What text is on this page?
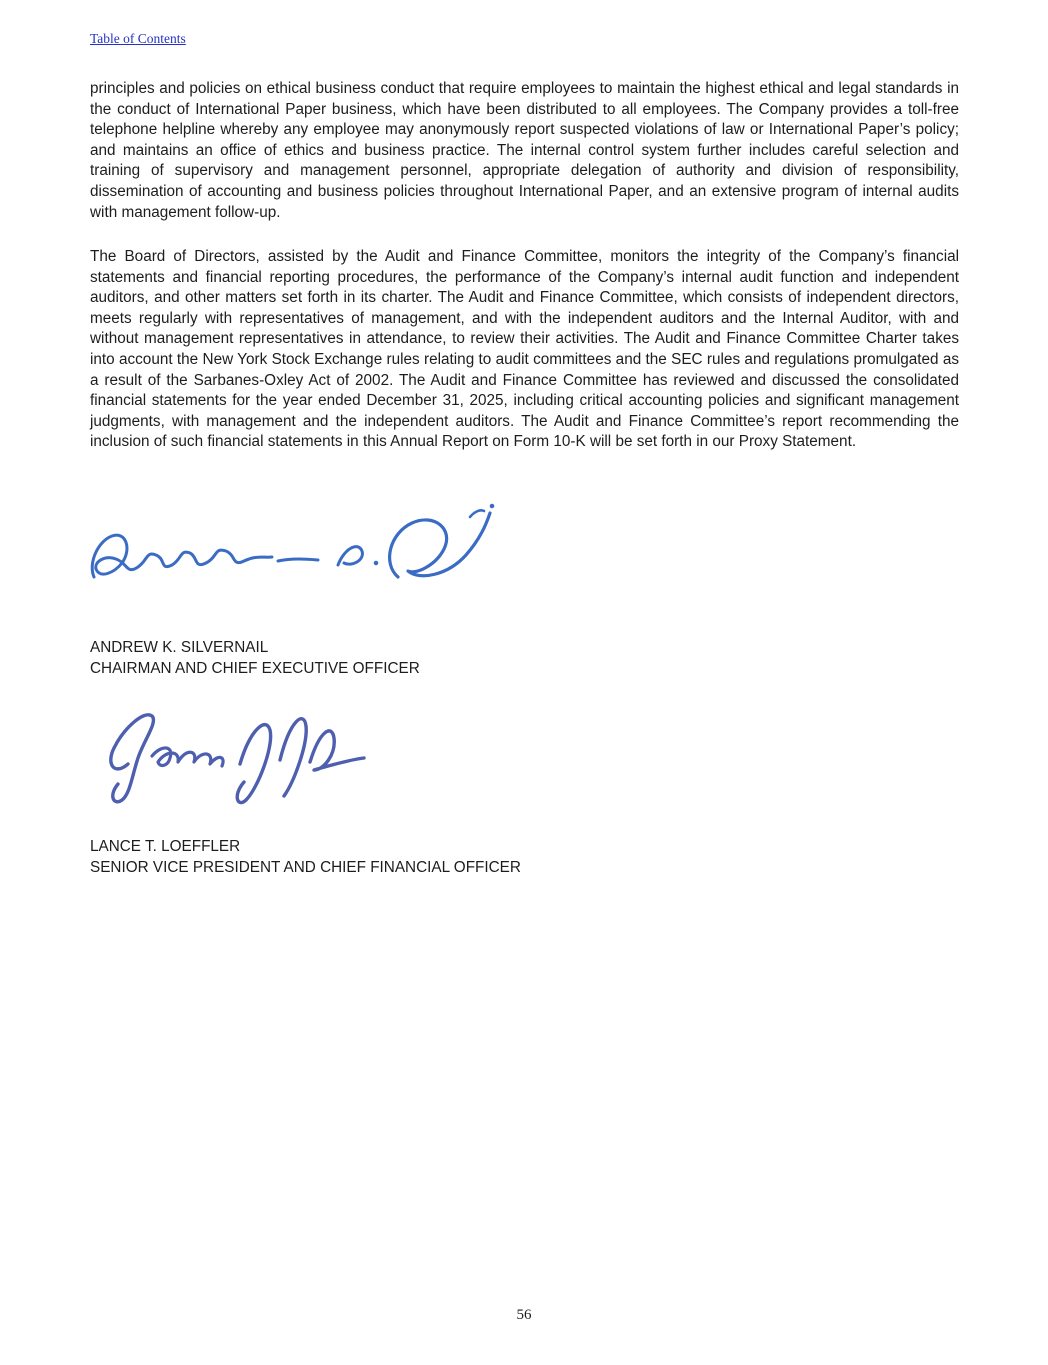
Table of Contents

principles and policies on ethical business conduct that require employees to maintain the highest ethical and legal standards in the conduct of International Paper business, which have been distributed to all employees. The Company provides a toll-free telephone helpline whereby any employee may anonymously report suspected violations of law or International Paper’s policy; and maintains an office of ethics and business practice. The internal control system further includes careful selection and training of supervisory and management personnel, appropriate delegation of authority and division of responsibility, dissemination of accounting and business policies throughout International Paper, and an extensive program of internal audits with management follow-up.

The Board of Directors, assisted by the Audit and Finance Committee, monitors the integrity of the Company’s financial statements and financial reporting procedures, the performance of the Company’s internal audit function and independent auditors, and other matters set forth in its charter. The Audit and Finance Committee, which consists of independent directors, meets regularly with representatives of management, and with the independent auditors and the Internal Auditor, with and without management representatives in attendance, to review their activities. The Audit and Finance Committee Charter takes into account the New York Stock Exchange rules relating to audit committees and the SEC rules and regulations promulgated as a result of the Sarbanes-Oxley Act of 2002. The Audit and Finance Committee has reviewed and discussed the consolidated financial statements for the year ended December 31, 2025, including critical accounting policies and significant management judgments, with management and the independent auditors. The Audit and Finance Committee’s report recommending the inclusion of such financial statements in this Annual Report on Form 10-K will be set forth in our Proxy Statement.

ANDREW K. SILVERNAIL
CHAIRMAN AND CHIEF EXECUTIVE OFFICER
LANCE T. LOEFFLER
SENIOR VICE PRESIDENT AND CHIEF FINANCIAL OFFICER
56
